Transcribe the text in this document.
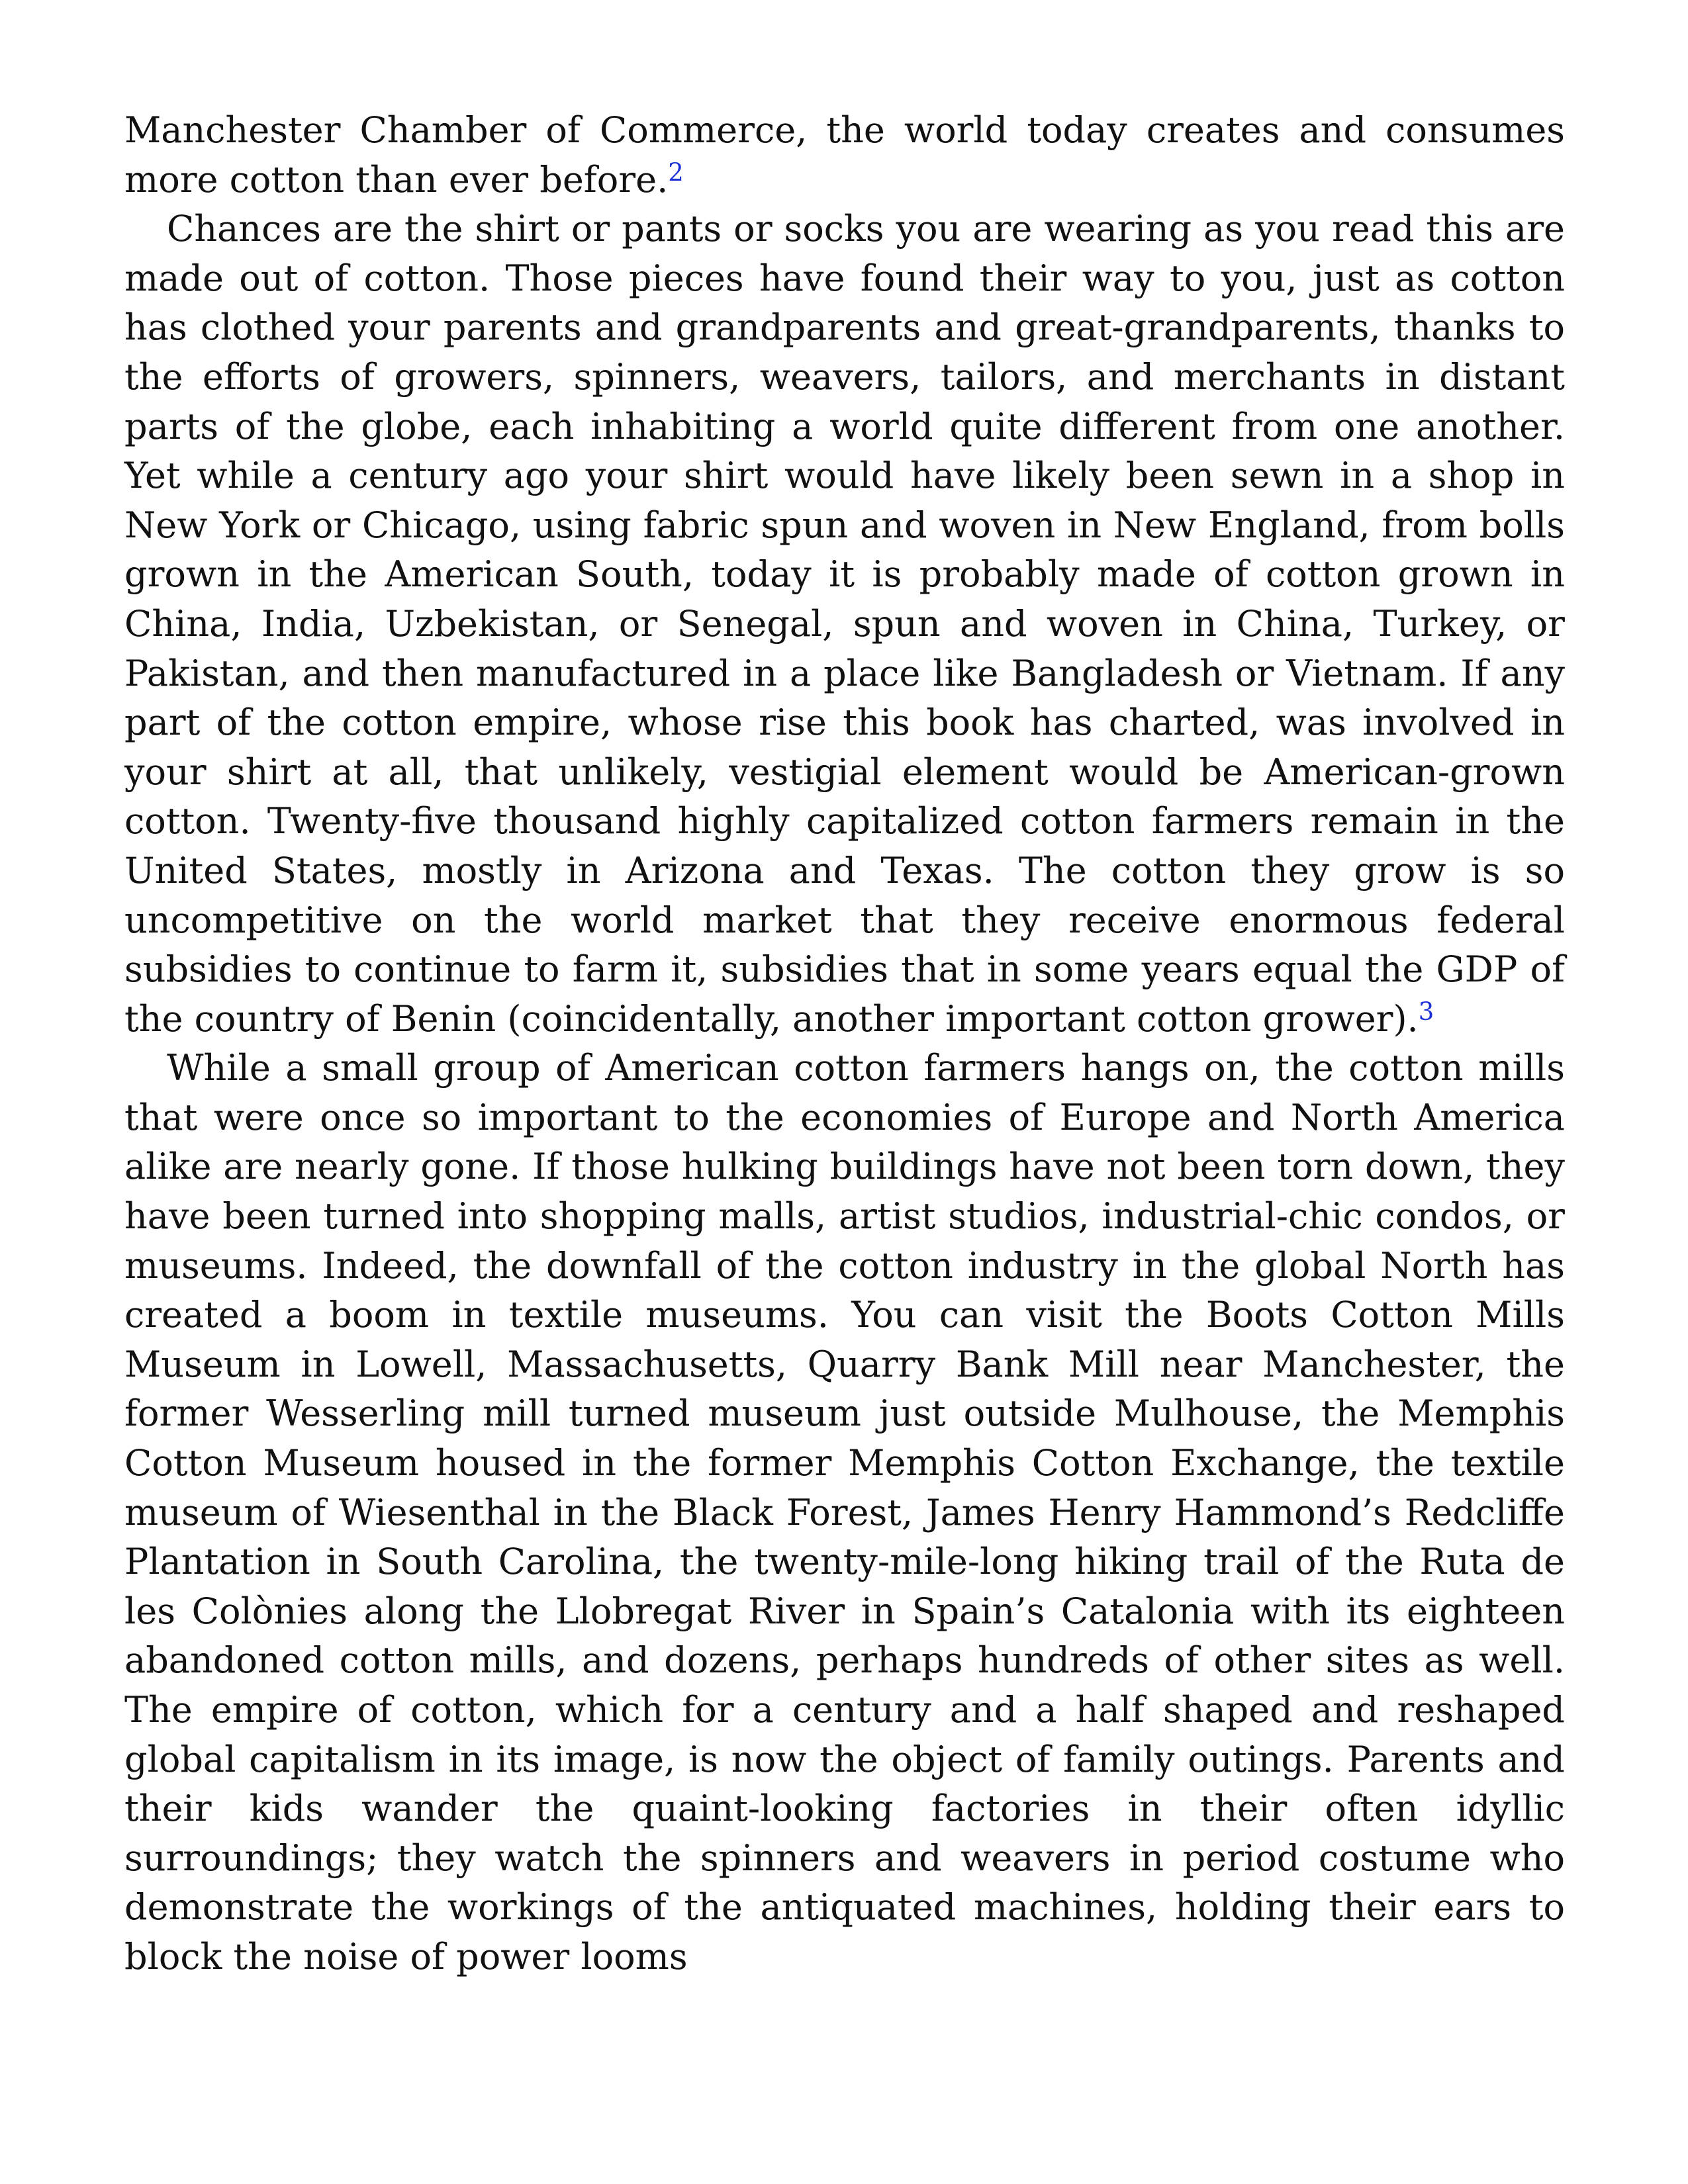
Manchester Chamber of Commerce, the world today creates and consumes more cotton than ever before.$^2$

Chances are the shirt or pants or socks you are wearing as you read this are made out of cotton. Those pieces have found their way to you, just as cotton has clothed your parents and grandparents and great-grandparents, thanks to the efforts of growers, spinners, weavers, tailors, and merchants in distant parts of the globe, each inhabiting a world quite different from one another. Yet while a century ago your shirt would have likely been sewn in a shop in New York or Chicago, using fabric spun and woven in New England, from bolls grown in the American South, today it is probably made of cotton grown in China, India, Uzbekistan, or Senegal, spun and woven in China, Turkey, or Pakistan, and then manufactured in a place like Bangladesh or Vietnam. If any part of the cotton empire, whose rise this book has charted, was involved in your shirt at all, that unlikely, vestigial element would be American-grown cotton. Twenty-five thousand highly capitalized cotton farmers remain in the United States, mostly in Arizona and Texas. The cotton they grow is so uncompetitive on the world market that they receive enormous federal subsidies to continue to farm it, subsidies that in some years equal the GDP of the country of Benin (coincidentally, another important cotton grower).$^3$

While a small group of American cotton farmers hangs on, the cotton mills that were once so important to the economies of Europe and North America alike are nearly gone. If those hulking buildings have not been torn down, they have been turned into shopping malls, artist studios, industrial-chic condos, or museums. Indeed, the downfall of the cotton industry in the global North has created a boom in textile museums. You can visit the Boots Cotton Mills Museum in Lowell, Massachusetts, Quarry Bank Mill near Manchester, the former Wesserling mill turned museum just outside Mulhouse, the Memphis Cotton Museum housed in the former Memphis Cotton Exchange, the textile museum of Wiesenthal in the Black Forest, James Henry Hammond’s Redcliffe Plantation in South Carolina, the twenty-mile-long hiking trail of the Ruta de les Colònies along the Llobregat River in Spain’s Catalonia with its eighteen abandoned cotton mills, and dozens, perhaps hundreds of other sites as well. The empire of cotton, which for a century and a half shaped and reshaped global capitalism in its image, is now the object of family outings. Parents and their kids wander the quaint-looking factories in their often idyllic surroundings; they watch the spinners and weavers in period costume who demonstrate the workings of the antiquated machines, holding their ears to block the noise of power looms
